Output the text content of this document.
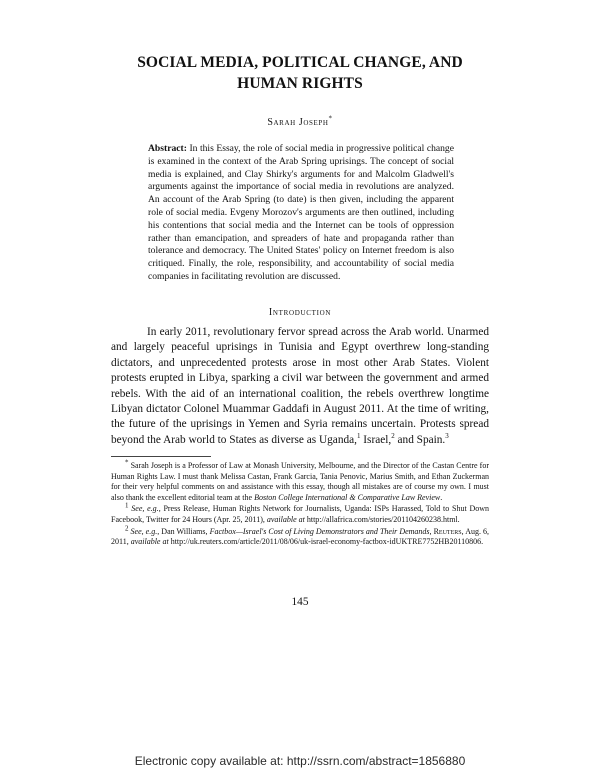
SOCIAL MEDIA, POLITICAL CHANGE, AND
HUMAN RIGHTS
Sarah Joseph*
Abstract: In this Essay, the role of social media in progressive political change is examined in the context of the Arab Spring uprisings. The concept of social media is explained, and Clay Shirky's arguments for and Malcolm Gladwell's arguments against the importance of social media in revolutions are analyzed. An account of the Arab Spring (to date) is then given, including the apparent role of social media. Evgeny Morozov's arguments are then outlined, including his contentions that social media and the Internet can be tools of oppression rather than emancipation, and spreaders of hate and propaganda rather than tolerance and democracy. The United States' policy on Internet freedom is also critiqued. Finally, the role, responsibility, and accountability of social media companies in facilitating revolution are discussed.
Introduction
In early 2011, revolutionary fervor spread across the Arab world. Unarmed and largely peaceful uprisings in Tunisia and Egypt overthrew long-standing dictators, and unprecedented protests arose in most other Arab States. Violent protests erupted in Libya, sparking a civil war between the government and armed rebels. With the aid of an international coalition, the rebels overthrew longtime Libyan dictator Colonel Muammar Gaddafi in August 2011. At the time of writing, the future of the uprisings in Yemen and Syria remains uncertain. Protests spread beyond the Arab world to States as diverse as Uganda,$^1$ Israel,$^2$ and Spain.$^3$
* Sarah Joseph is a Professor of Law at Monash University, Melbourne, and the Director of the Castan Centre for Human Rights Law. I must thank Melissa Castan, Frank Garcia, Tania Penovic, Marius Smith, and Ethan Zuckerman for their very helpful comments on and assistance with this essay, though all mistakes are of course my own. I must also thank the excellent editorial team at the Boston College International & Comparative Law Review.
$^1$ See, e.g., Press Release, Human Rights Network for Journalists, Uganda: ISPs Harassed, Told to Shut Down Facebook, Twitter for 24 Hours (Apr. 25, 2011), available at http://allafrica.com/stories/201104260238.html.
$^2$ See, e.g., Dan Williams, Factbox—Israel's Cost of Living Demonstrators and Their Demands, Reuters, Aug. 6, 2011, available at http://uk.reuters.com/article/2011/08/06/uk-israel-economy-factbox-idUKTRE7752HB20110806.
145
Electronic copy available at: http://ssrn.com/abstract=1856880
